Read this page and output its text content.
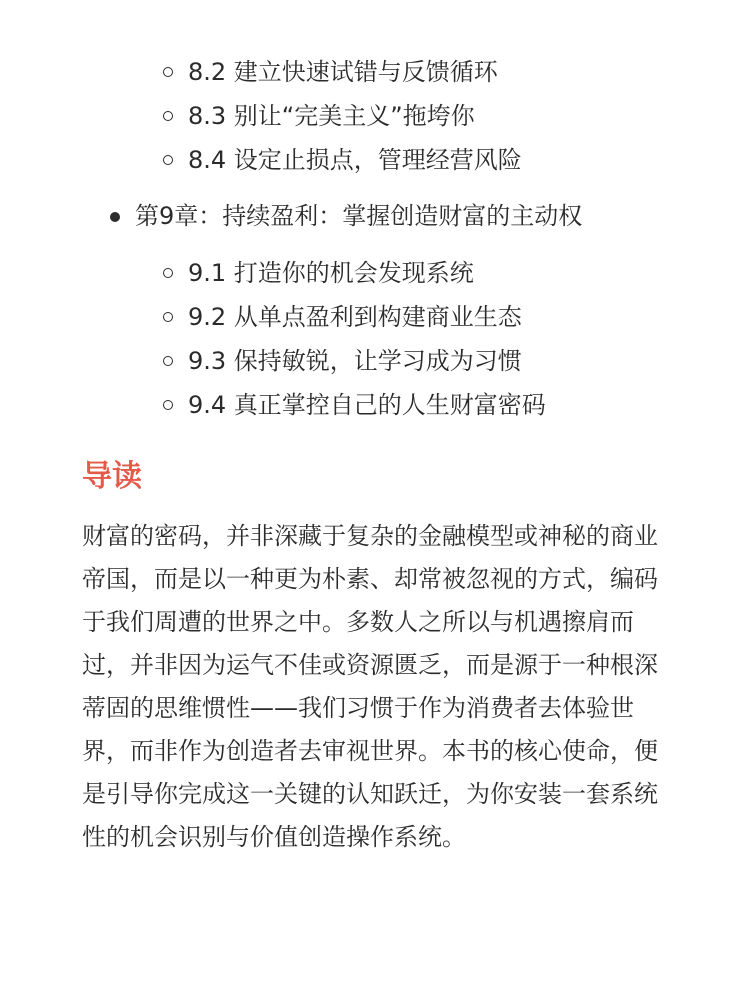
8.2 建立快速试错与反馈循环
8.3 别让“完美主义”拖垮你
8.4 设定止损点，管理经营风险
第9章：持续盈利：掌握创造财富的主动权
9.1 打造你的机会发现系统
9.2 从单点盈利到构建商业生态
9.3 保持敏锐，让学习成为习惯
9.4 真正掌控自己的人生财富密码
导读

财富的密码，并非深藏于复杂的金融模型或神秘的商业帝国，而是以一种更为朴素、却常被忽视的方式，编码于我们周遭的世界之中。多数人之所以与机遇擦肩而过，并非因为运气不佳或资源匮乏，而是源于一种根深蒂固的思维惯性——我们习惯于作为消费者去体验世界，而非作为创造者去审视世界。本书的核心使命，便是引导你完成这一关键的认知跃迁，为你安装一套系统性的机会识别与价值创造操作系统。
